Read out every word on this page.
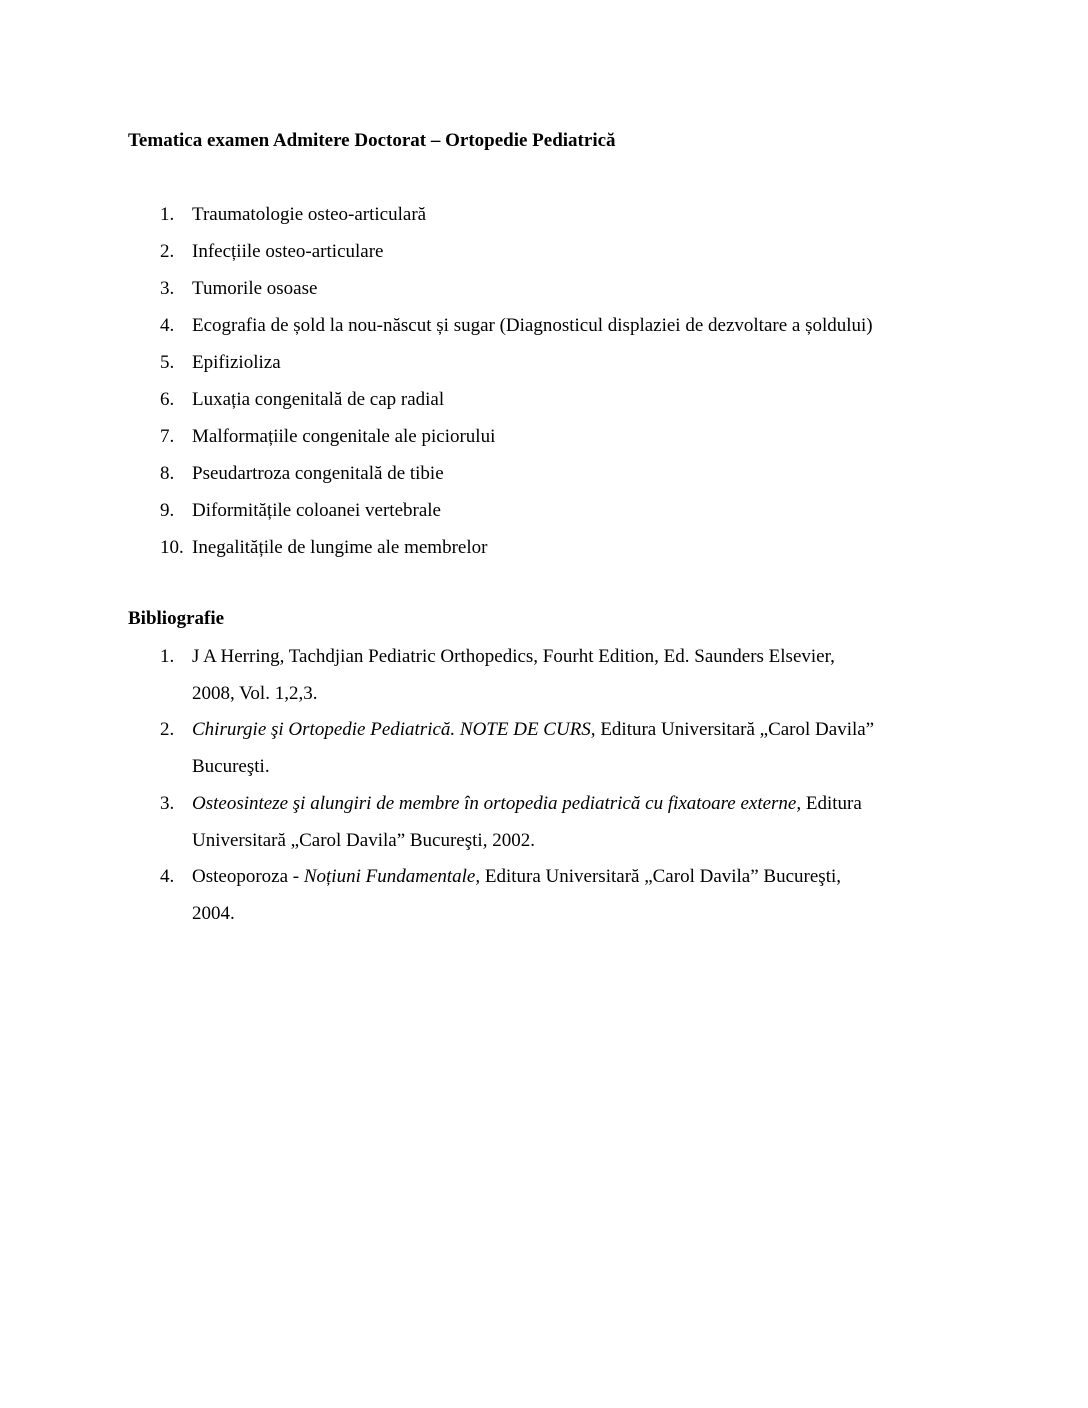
Tematica examen Admitere Doctorat – Ortopedie Pediatrică
1. Traumatologie osteo-articulară
2. Infecțiile osteo-articulare
3. Tumorile osoase
4. Ecografia de șold la nou-născut și sugar (Diagnosticul displaziei de dezvoltare a șoldului)
5. Epifizioliza
6. Luxația congenitală de cap radial
7. Malformațiile congenitale ale piciorului
8. Pseudartroza congenitală de tibie
9. Diformitățile coloanei vertebrale
10. Inegalitățile de lungime ale membrelor
Bibliografie
1. J A Herring, Tachdjian Pediatric Orthopedics, Fourht Edition, Ed. Saunders Elsevier,
2008, Vol. 1,2,3.
2. Chirurgie şi Ortopedie Pediatrică. NOTE DE CURS, Editura Universitară „Carol Davila”
Bucureşti.
3. Osteosinteze şi alungiri de membre în ortopedia pediatrică cu fixatoare externe, Editura
Universitară „Carol Davila” Bucureşti, 2002.
4. Osteoporoza - Noțiuni Fundamentale, Editura Universitară „Carol Davila” Bucureşti,
2004.
